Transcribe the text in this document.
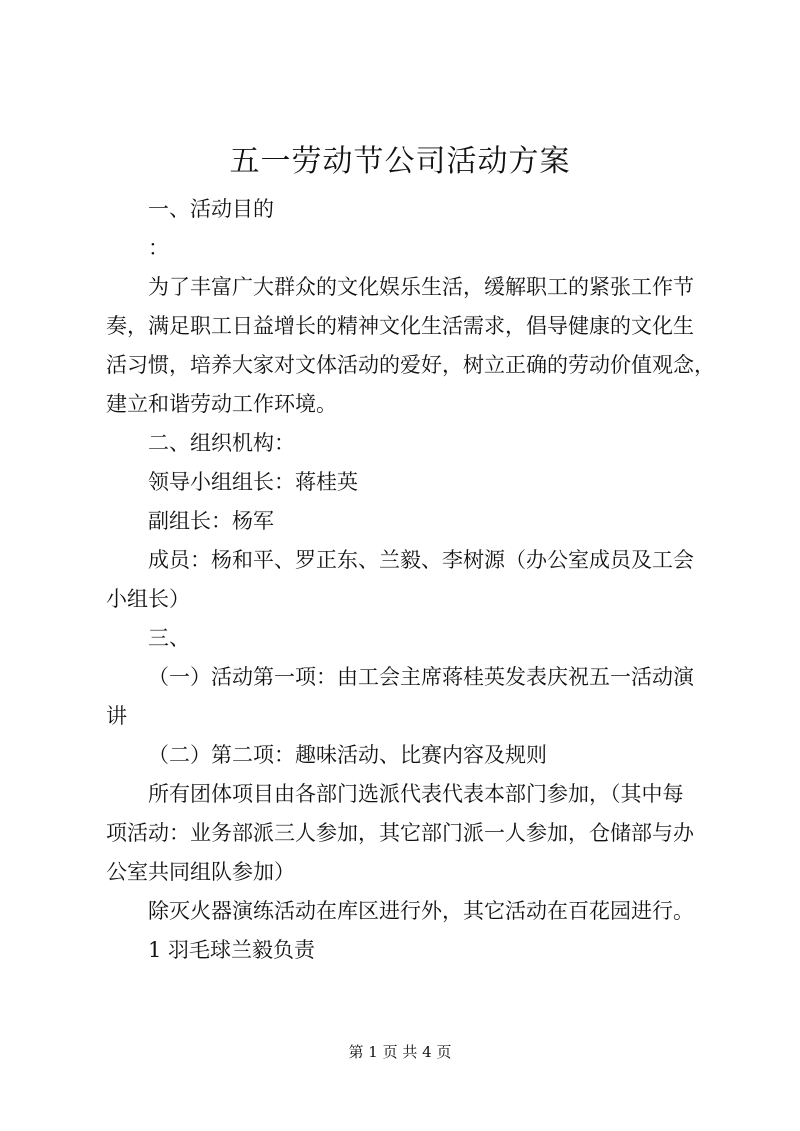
五一劳动节公司活动方案

一、活动目的

：

为了丰富广大群众的文化娱乐生活，缓解职工的紧张工作节

奏，满足职工日益增长的精神文化生活需求，倡导健康的文化生

活习惯，培养大家对文体活动的爱好，树立正确的劳动价值观念，

建立和谐劳动工作环境。

二、组织机构：

领导小组组长：蒋桂英

副组长：杨军

成员：杨和平、罗正东、兰毅、李树源（办公室成员及工会

小组长）

三、

（一）活动第一项：由工会主席蒋桂英发表庆祝五一活动演

讲

（二）第二项：趣味活动、比赛内容及规则

所有团体项目由各部门选派代表代表本部门参加，（其中每

项活动：业务部派三人参加，其它部门派一人参加，仓储部与办

公室共同组队参加）

除灭火器演练活动在库区进行外，其它活动在百花园进行。

1 羽毛球兰毅负责

第 1 页 共 4 页
